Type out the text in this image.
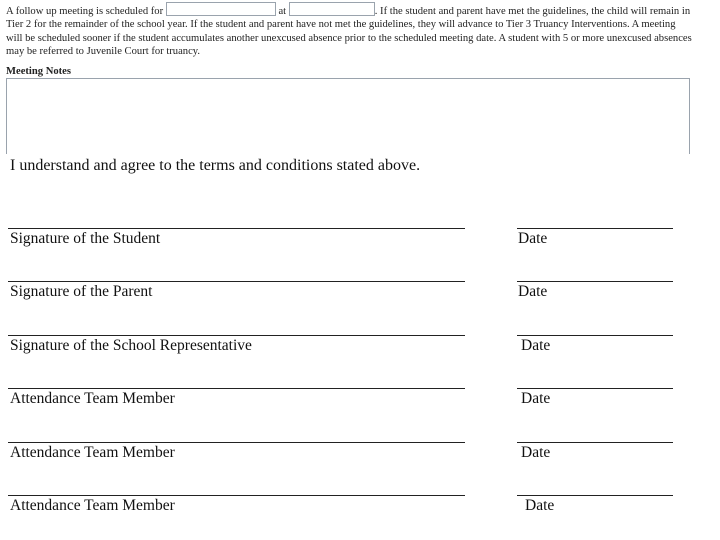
A follow up meeting is scheduled for	at	. If the student and parent have met the guidelines, the child will remain in Tier 2 for the remainder of the school year. If the student and parent have not met the guidelines, they will advance to Tier 3 Truancy Interventions. A meeting will be scheduled sooner if the student accumulates another unexcused absence prior to the scheduled meeting date. A student with 5 or more unexcused absences may be referred to Juvenile Court for truancy.
Meeting Notes
I understand and agree to the terms and conditions stated above.
Signature of the Student	Date
Signature of the Parent	Date
Signature of the School Representative	Date
Attendance Team Member	Date
Attendance Team Member	Date
Attendance Team Member	Date
